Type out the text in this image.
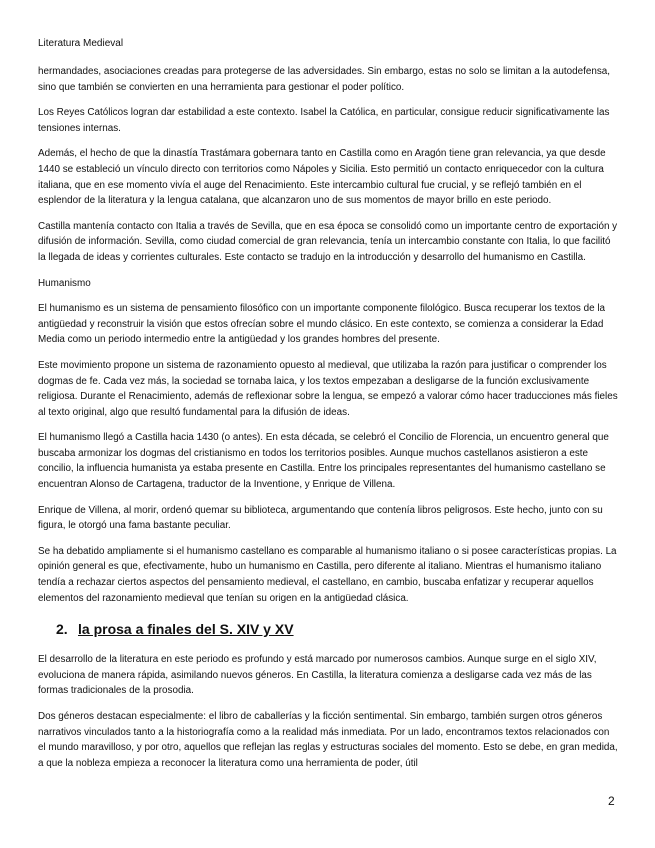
Literatura Medieval

hermandades, asociaciones creadas para protegerse de las adversidades. Sin embargo, estas no solo se limitan a la autodefensa, sino que también se convierten en una herramienta para gestionar el poder político.

Los Reyes Católicos logran dar estabilidad a este contexto. Isabel la Católica, en particular, consigue reducir significativamente las tensiones internas.

Además, el hecho de que la dinastía Trastámara gobernara tanto en Castilla como en Aragón tiene gran relevancia, ya que desde 1440 se estableció un vínculo directo con territorios como Nápoles y Sicilia. Esto permitió un contacto enriquecedor con la cultura italiana, que en ese momento vivía el auge del Renacimiento. Este intercambio cultural fue crucial, y se reflejó también en el esplendor de la literatura y la lengua catalana, que alcanzaron uno de sus momentos de mayor brillo en este periodo.

Castilla mantenía contacto con Italia a través de Sevilla, que en esa época se consolidó como un importante centro de exportación y difusión de información. Sevilla, como ciudad comercial de gran relevancia, tenía un intercambio constante con Italia, lo que facilitó la llegada de ideas y corrientes culturales. Este contacto se tradujo en la introducción y desarrollo del humanismo en Castilla.

Humanismo

El humanismo es un sistema de pensamiento filosófico con un importante componente filológico. Busca recuperar los textos de la antigüedad y reconstruir la visión que estos ofrecían sobre el mundo clásico. En este contexto, se comienza a considerar la Edad Media como un periodo intermedio entre la antigüedad y los grandes hombres del presente.

Este movimiento propone un sistema de razonamiento opuesto al medieval, que utilizaba la razón para justificar o comprender los dogmas de fe. Cada vez más, la sociedad se tornaba laica, y los textos empezaban a desligarse de la función exclusivamente religiosa. Durante el Renacimiento, además de reflexionar sobre la lengua, se empezó a valorar cómo hacer traducciones más fieles al texto original, algo que resultó fundamental para la difusión de ideas.

El humanismo llegó a Castilla hacia 1430 (o antes). En esta década, se celebró el Concilio de Florencia, un encuentro general que buscaba armonizar los dogmas del cristianismo en todos los territorios posibles. Aunque muchos castellanos asistieron a este concilio, la influencia humanista ya estaba presente en Castilla. Entre los principales representantes del humanismo castellano se encuentran Alonso de Cartagena, traductor de la Inventione, y Enrique de Villena.

Enrique de Villena, al morir, ordenó quemar su biblioteca, argumentando que contenía libros peligrosos. Este hecho, junto con su figura, le otorgó una fama bastante peculiar.

Se ha debatido ampliamente si el humanismo castellano es comparable al humanismo italiano o si posee características propias. La opinión general es que, efectivamente, hubo un humanismo en Castilla, pero diferente al italiano. Mientras el humanismo italiano tendía a rechazar ciertos aspectos del pensamiento medieval, el castellano, en cambio, buscaba enfatizar y recuperar aquellos elementos del razonamiento medieval que tenían su origen en la antigüedad clásica.

2. la prosa a finales del S. XIV y XV

El desarrollo de la literatura en este periodo es profundo y está marcado por numerosos cambios. Aunque surge en el siglo XIV, evoluciona de manera rápida, asimilando nuevos géneros. En Castilla, la literatura comienza a desligarse cada vez más de las formas tradicionales de la prosodia.

Dos géneros destacan especialmente: el libro de caballerías y la ficción sentimental. Sin embargo, también surgen otros géneros narrativos vinculados tanto a la historiografía como a la realidad más inmediata. Por un lado, encontramos textos relacionados con el mundo maravilloso, y por otro, aquellos que reflejan las reglas y estructuras sociales del momento. Esto se debe, en gran medida, a que la nobleza empieza a reconocer la literatura como una herramienta de poder, útil

2
